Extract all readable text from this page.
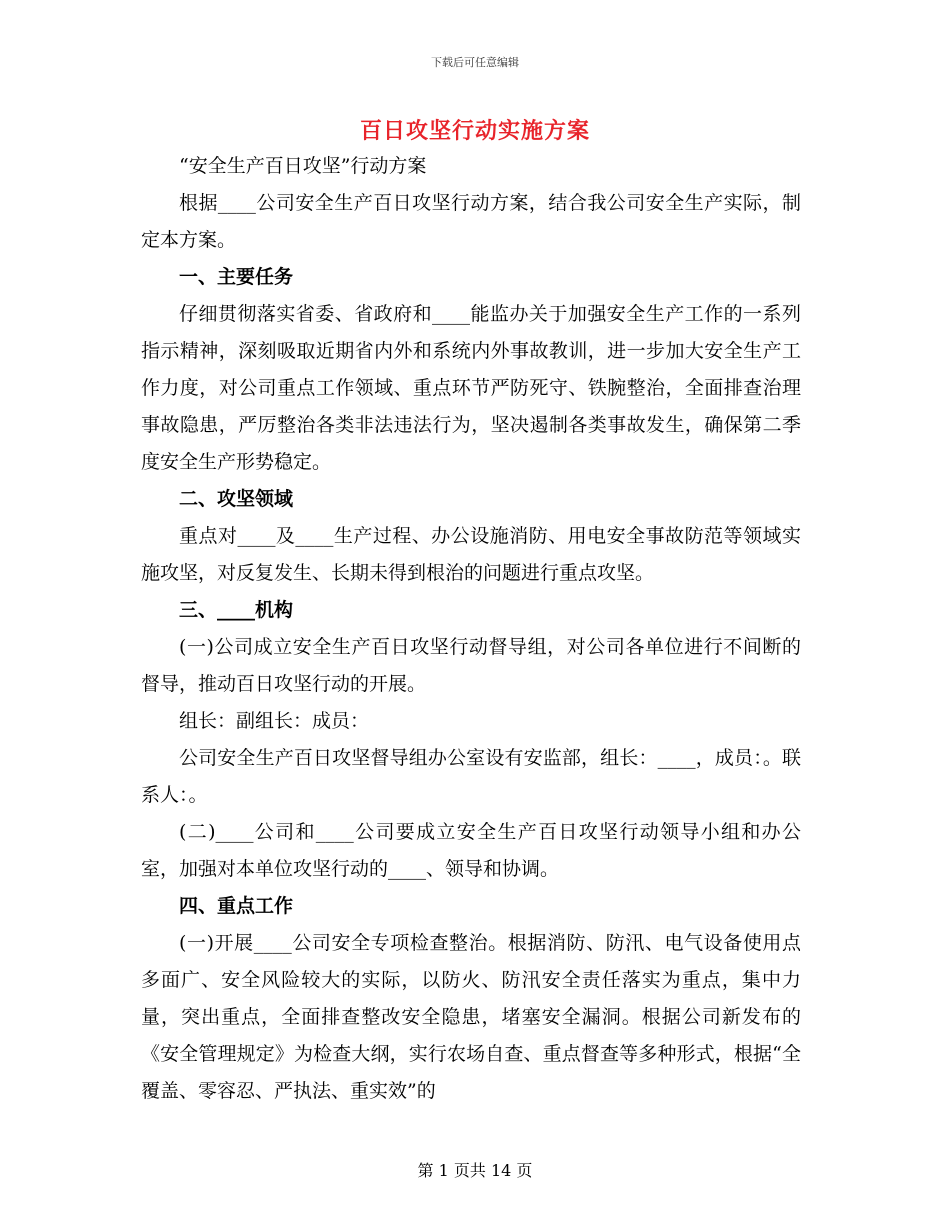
下载后可任意编辑
百日攻坚行动实施方案

“安全生产百日攻坚”行动方案

根据____公司安全生产百日攻坚行动方案，结合我公司安全生产实际，制定本方案。

一、主要任务

仔细贯彻落实省委、省政府和____能监办关于加强安全生产工作的一系列指示精神，深刻吸取近期省内外和系统内外事故教训，进一步加大安全生产工作力度，对公司重点工作领域、重点环节严防死守、铁腕整治，全面排查治理事故隐患，严厉整治各类非法违法行为，坚决遏制各类事故发生，确保第二季度安全生产形势稳定。

二、攻坚领域

重点对____及____生产过程、办公设施消防、用电安全事故防范等领域实施攻坚，对反复发生、长期未得到根治的问题进行重点攻坚。

三、____机构

(一)公司成立安全生产百日攻坚行动督导组，对公司各单位进行不间断的督导，推动百日攻坚行动的开展。

组长：副组长：成员：

公司安全生产百日攻坚督导组办公室设有安监部，组长：____，成员：。联系人：。

(二)____公司和____公司要成立安全生产百日攻坚行动领导小组和办公室，加强对本单位攻坚行动的____、领导和协调。

四、重点工作

(一)开展____公司安全专项检查整治。根据消防、防汛、电气设备使用点多面广、安全风险较大的实际，以防火、防汛安全责任落实为重点，集中力量，突出重点，全面排查整改安全隐患，堵塞安全漏洞。根据公司新发布的《安全管理规定》为检查大纲，实行农场自查、重点督查等多种形式，根据“全覆盖、零容忍、严执法、重实效”的

第 1 页共 14 页
